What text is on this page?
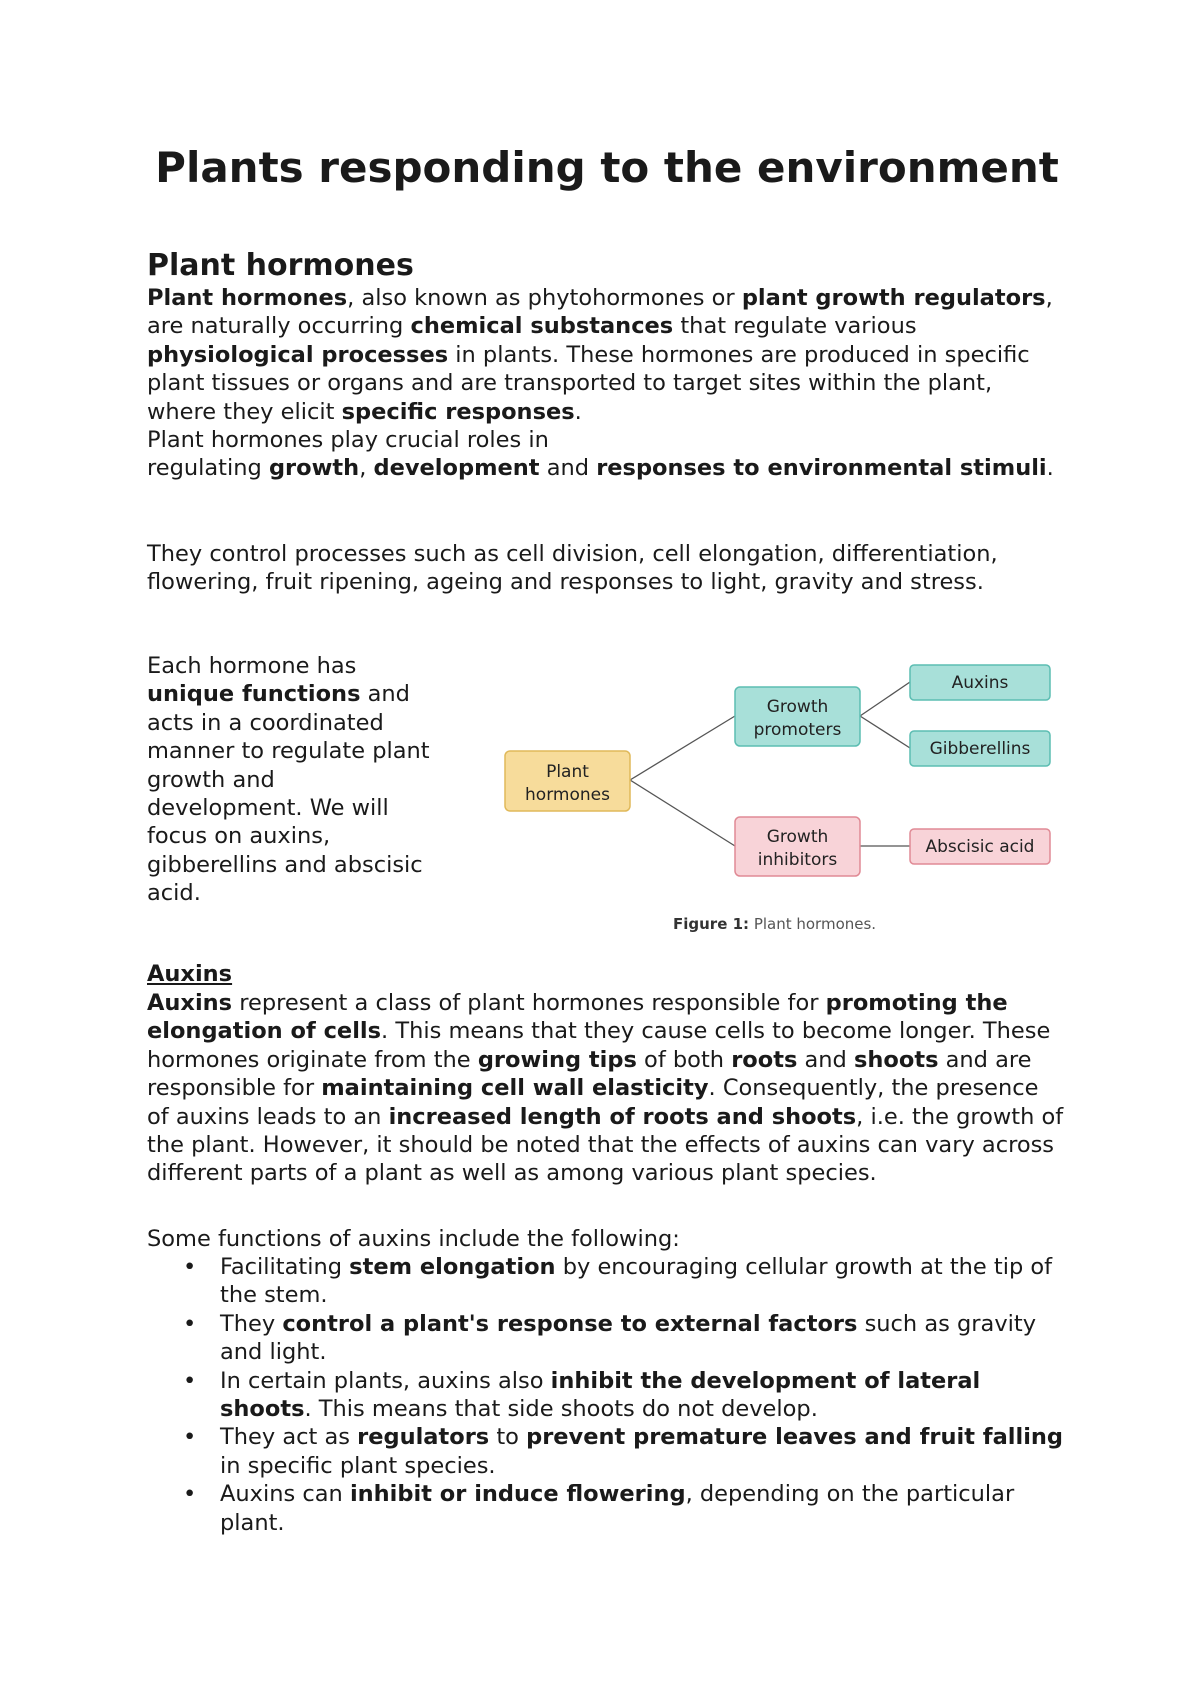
Plants responding to the environment
Plant hormones

Plant hormones, also known as phytohormones or plant growth regulators, are naturally occurring chemical substances that regulate various physiological processes in plants. These hormones are produced in specific plant tissues or organs and are transported to target sites within the plant, where they elicit specific responses.

Plant hormones play crucial roles in
regulating growth, development and responses to environmental stimuli.

They control processes such as cell division, cell elongation, differentiation, flowering, fruit ripening, ageing and responses to light, gravity and stress.

Each hormone has unique functions and acts in a coordinated manner to regulate plant growth and development. We will focus on auxins, gibberellins and abscisic acid.

Plant
hormones
Growth
promoters
Growth
inhibitors
Auxins
Gibberellins
Abscisic acid
Figure 1: Plant hormones.
Auxins

Auxins represent a class of plant hormones responsible for promoting the elongation of cells. This means that they cause cells to become longer. These hormones originate from the growing tips of both roots and shoots and are responsible for maintaining cell wall elasticity. Consequently, the presence of auxins leads to an increased length of roots and shoots, i.e. the growth of the plant. However, it should be noted that the effects of auxins can vary across different parts of a plant as well as among various plant species.

Some functions of auxins include the following:

• Facilitating stem elongation by encouraging cellular growth at the tip of the stem.
• They control a plant's response to external factors such as gravity and light.
• In certain plants, auxins also inhibit the development of lateral shoots. This means that side shoots do not develop.
• They act as regulators to prevent premature leaves and fruit falling in specific plant species.
• Auxins can inhibit or induce flowering, depending on the particular plant.
